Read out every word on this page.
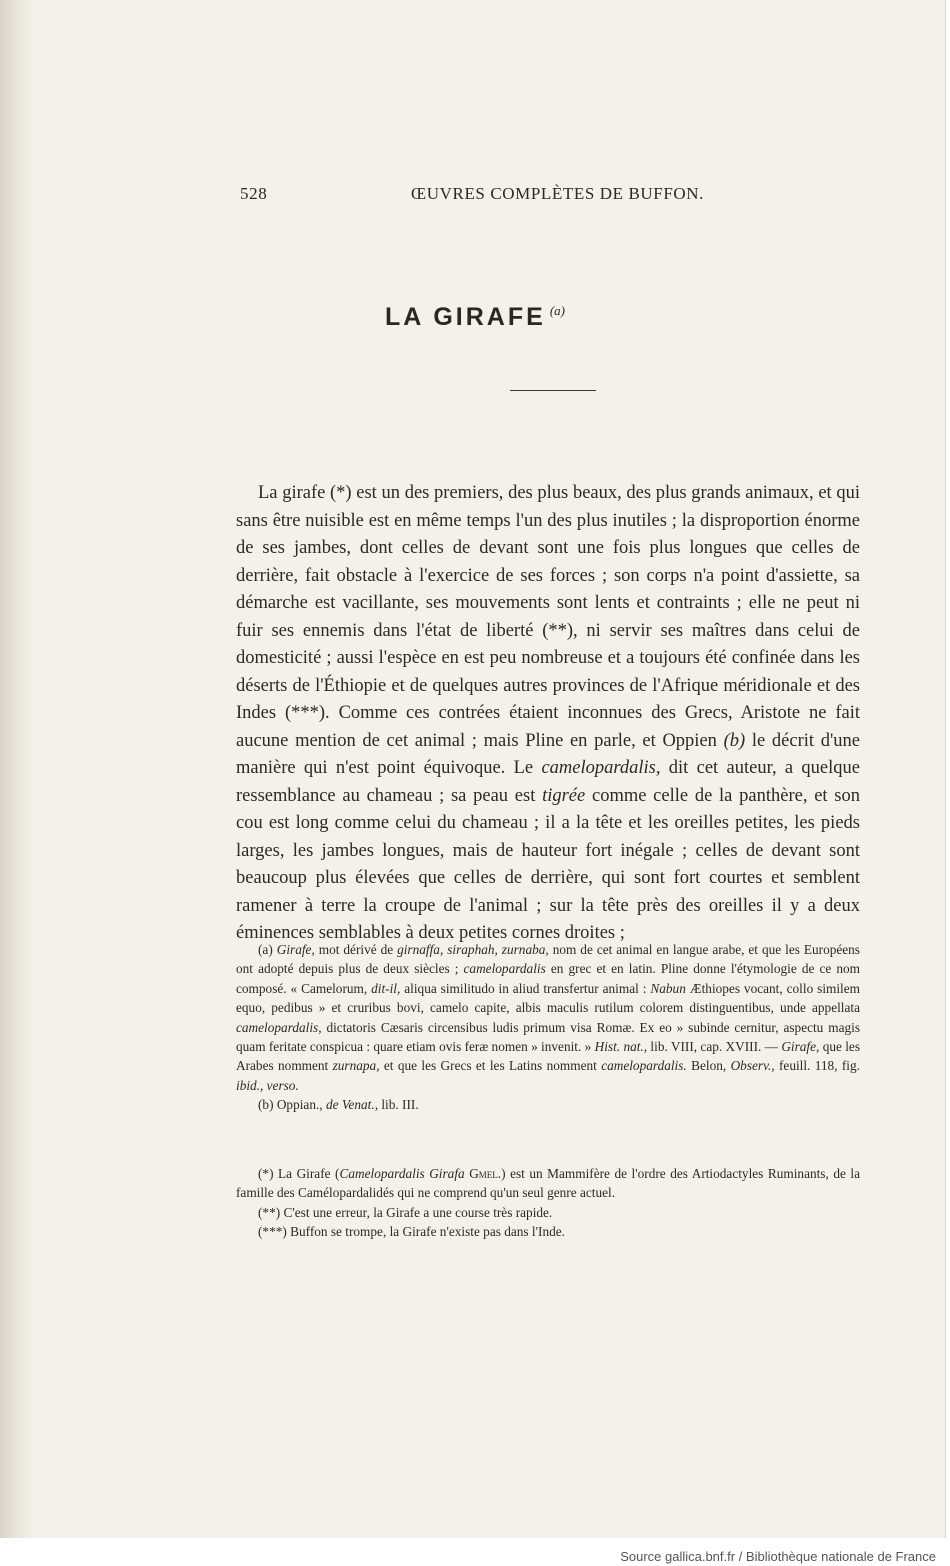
528	ŒUVRES COMPLÈTES DE BUFFON.
LA GIRAFE $^{(a)}$

La girafe (*) est un des premiers, des plus beaux, des plus grands animaux, et qui sans être nuisible est en même temps l'un des plus inutiles ; la disproportion énorme de ses jambes, dont celles de devant sont une fois plus longues que celles de derrière, fait obstacle à l'exercice de ses forces ; son corps n'a point d'assiette, sa démarche est vacillante, ses mouvements sont lents et contraints ; elle ne peut ni fuir ses ennemis dans l'état de liberté (**), ni servir ses maîtres dans celui de domesticité ; aussi l'espèce en est peu nombreuse et a toujours été confinée dans les déserts de l'Éthiopie et de quelques autres provinces de l'Afrique méridionale et des Indes (***). Comme ces contrées étaient inconnues des Grecs, Aristote ne fait aucune mention de cet animal ; mais Pline en parle, et Oppien (b) le décrit d'une manière qui n'est point équivoque. Le camelopardalis, dit cet auteur, a quelque ressemblance au chameau ; sa peau est tigrée comme celle de la panthère, et son cou est long comme celui du chameau ; il a la tête et les oreilles petites, les pieds larges, les jambes longues, mais de hauteur fort inégale ; celles de devant sont beaucoup plus élevées que celles de derrière, qui sont fort courtes et semblent ramener à terre la croupe de l'animal ; sur la tête près des oreilles il y a deux éminences semblables à deux petites cornes droites ;

(a) Girafe, mot dérivé de girnaffa, siraphah, zurnaba, nom de cet animal en langue arabe, et que les Européens ont adopté depuis plus de deux siècles ; camelopardalis en grec et en latin. Pline donne l'étymologie de ce nom composé. « Camelorum, dit-il, aliqua similitudo in aliud transfertur animal : Nabun Æthiopes vocant, collo similem equo, pedibus » et cruribus bovi, camelo capite, albis maculis rutilum colorem distinguentibus, unde appellata camelopardalis, dictatoris Cæsaris circensibus ludis primum visa Romæ. Ex eo » subinde cernitur, aspectu magis quam feritate conspicua : quare etiam ovis feræ nomen » invenit. » Hist. nat., lib. VIII, cap. XVIII. — Girafe, que les Arabes nomment zurnapa, et que les Grecs et les Latins nomment camelopardalis. Belon, Observ., feuill. 118, fig. ibid., verso.

(b) Oppian., de Venat., lib. III.

(*) La Girafe (Camelopardalis Girafa Gmel.) est un Mammifère de l'ordre des Artiodactyles Ruminants, de la famille des Camélopardalidés qui ne comprend qu'un seul genre actuel.

(**) C'est une erreur, la Girafe a une course très rapide.

(***) Buffon se trompe, la Girafe n'existe pas dans l'Inde.

Source gallica.bnf.fr / Bibliothèque nationale de France
